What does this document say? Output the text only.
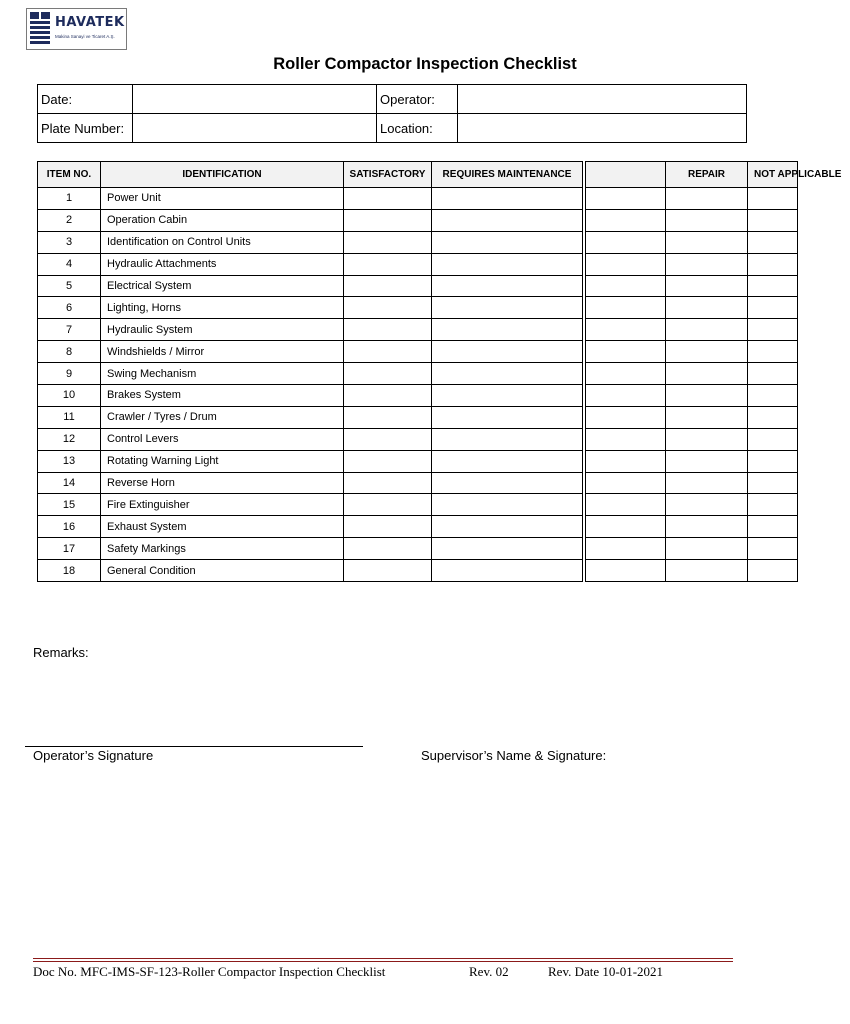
HAVATEK
Makina Sanayi ve Ticaret A.Ş.
Roller Compactor Inspection Checklist
Date:		Operator:	
Plate Number:		Location:	
ITEM NO.	IDENTIFICATION	SATISFACTORY	REQUIRES MAINTENANCE			REPAIR	NOT APPLICABLE
1	Power Unit						
2	Operation Cabin						
3	Identification on Control Units						
4	Hydraulic Attachments						
5	Electrical System						
6	Lighting, Horns						
7	Hydraulic System						
8	Windshields / Mirror						
9	Swing Mechanism						
10	Brakes System						
11	Crawler / Tyres / Drum						
12	Control Levers						
13	Rotating Warning Light						
14	Reverse Horn						
15	Fire Extinguisher						
16	Exhaust System						
17	Safety Markings						
18	General Condition						
Remarks:
Operator’s Signature	Supervisor’s Name & Signature:
Doc No. MFC-IMS-SF-123-Roller Compactor Inspection Checklist	Rev. 02	Rev. Date 10-01-2021
